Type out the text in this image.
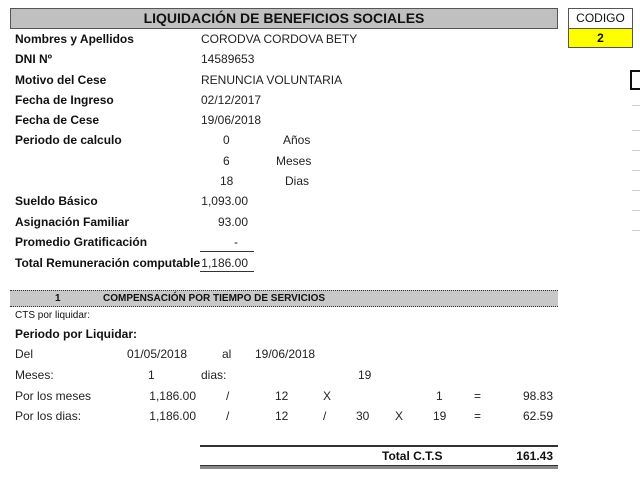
LIQUIDACIÓN DE BENEFICIOS SOCIALES	CODIGO
2
Nombres y Apellidos	CORODVA CORDOVA BETY
DNI Nº	14589653
Motivo del Cese	RENUNCIA VOLUNTARIA
Fecha de Ingreso	02/12/2017
Fecha de Cese	19/06/2018
Periodo de calculo	0	Años
6	Meses
18	Dias
Sueldo Básico	1,093.00
Asignación Familiar	93.00
Promedio Gratificación	-
Total Remuneración computable 1,186.00
1	COMPENSACIÓN POR TIEMPO DE SERVICIOS
CTS por liquidar:
Periodo por Liquidar:
Del	01/05/2018	al 19/06/2018
Meses:	1	dias:	19
Por los meses	1,186.00	/	12	X	1	=	98.83
Por los dias:	1,186.00	/	12	/ 30 X 19 =	62.59
Total C.T.S	161.43
